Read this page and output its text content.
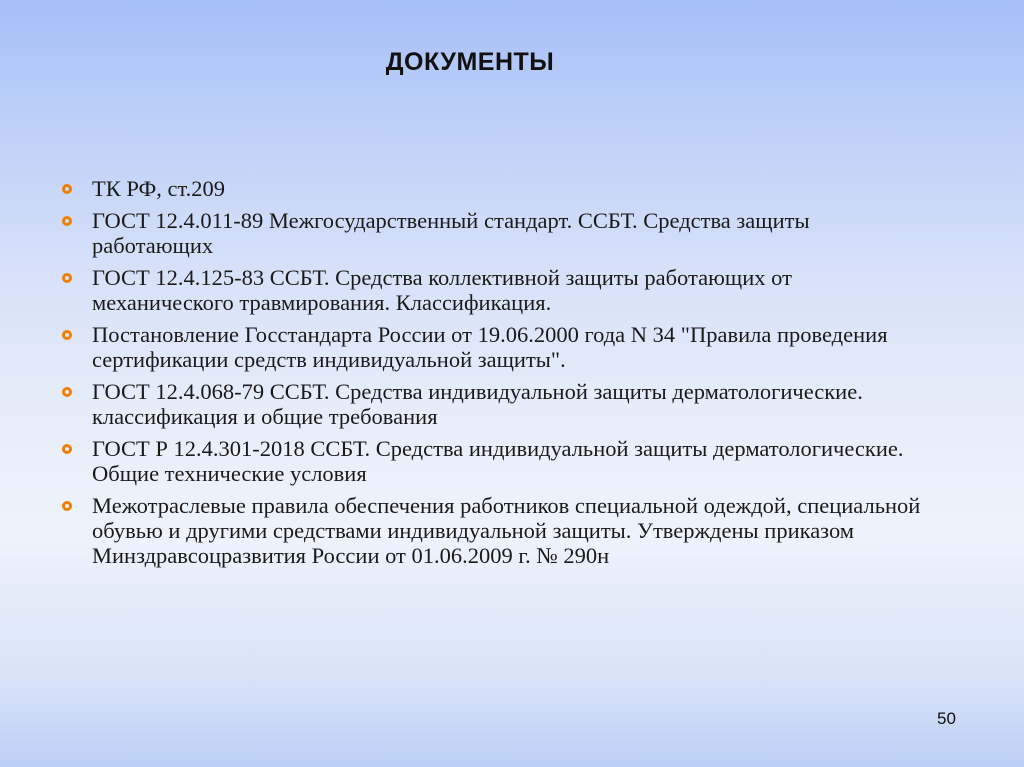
ДОКУМЕНТЫ
ТК РФ, ст.209
ГОСТ 12.4.011-89 Межгосударственный стандарт. ССБТ. Средства защиты работающих
ГОСТ 12.4.125-83 ССБТ. Средства коллективной защиты работающих от механического травмирования. Классификация.
Постановление Госстандарта России от 19.06.2000 года N 34 "Правила проведения сертификации средств индивидуальной защиты".
ГОСТ 12.4.068-79 ССБТ. Средства индивидуальной защиты дерматологические. классификация и общие требования
ГОСТ Р 12.4.301-2018 ССБТ. Средства индивидуальной защиты дерматологические. Общие технические условия
Межотраслевые правила обеспечения работников специальной одеждой, специальной обувью и другими средствами индивидуальной защиты. Утверждены приказом Минздравсоцразвития России от 01.06.2009 г. № 290н
50
